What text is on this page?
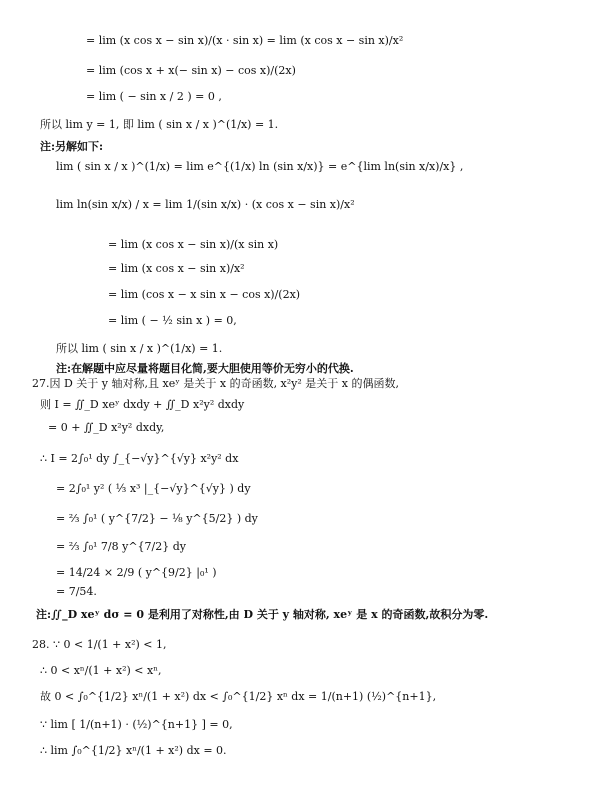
= lim (x cos x − sin x)/(x · sin x) = lim (x cos x − sin x)/x²
= lim (cos x + x(− sin x) − cos x)/(2x)
= lim ( − sin x / 2 ) = 0 ,
所以 lim y = 1, 即 lim ( sin x / x )^(1/x) = 1.
注:另解如下:
lim ( sin x / x )^(1/x) = lim e^{(1/x) ln (sin x/x)} = e^{lim ln(sin x/x)/x} ,
lim ln(sin x/x) / x = lim 1/(sin x/x) · (x cos x − sin x)/x²
= lim (x cos x − sin x)/(x sin x)
= lim (x cos x − sin x)/x²
= lim (cos x − x sin x − cos x)/(2x)
= lim ( − ½ sin x ) = 0,
所以 lim ( sin x / x )^(1/x) = 1.
注:在解题中应尽量将题目化简,要大胆使用等价无穷小的代换.
27.因 D 关于 y 轴对称,且 xeʸ 是关于 x 的奇函数, x²y² 是关于 x 的偶函数,
则 I = ∬_D xeʸ dxdy + ∬_D x²y² dxdy
= 0 + ∬_D x²y² dxdy,
∴ I = 2∫₀¹ dy ∫_{−√y}^{√y} x²y² dx
= 2∫₀¹ y² ( ⅓ x³ |_{−√y}^{√y} ) dy
= ⅔ ∫₀¹ ( y^{7/2} − ⅛ y^{5/2} ) dy
= ⅔ ∫₀¹ 7/8 y^{7/2} dy
= 14/24 × 2/9 ( y^{9/2} |₀¹ )
= 7/54.
注:∬_D xeʸ dσ = 0 是利用了对称性,由 D 关于 y 轴对称, xeʸ 是 x 的奇函数,故积分为零.
28. ∵ 0 < 1/(1 + x²) < 1,
∴ 0 < xⁿ/(1 + x²) < xⁿ,
故 0 < ∫₀^{1/2} xⁿ/(1 + x²) dx < ∫₀^{1/2} xⁿ dx = 1/(n+1) (½)^{n+1},
∵ lim [ 1/(n+1) · (½)^{n+1} ] = 0,
∴ lim ∫₀^{1/2} xⁿ/(1 + x²) dx = 0.
